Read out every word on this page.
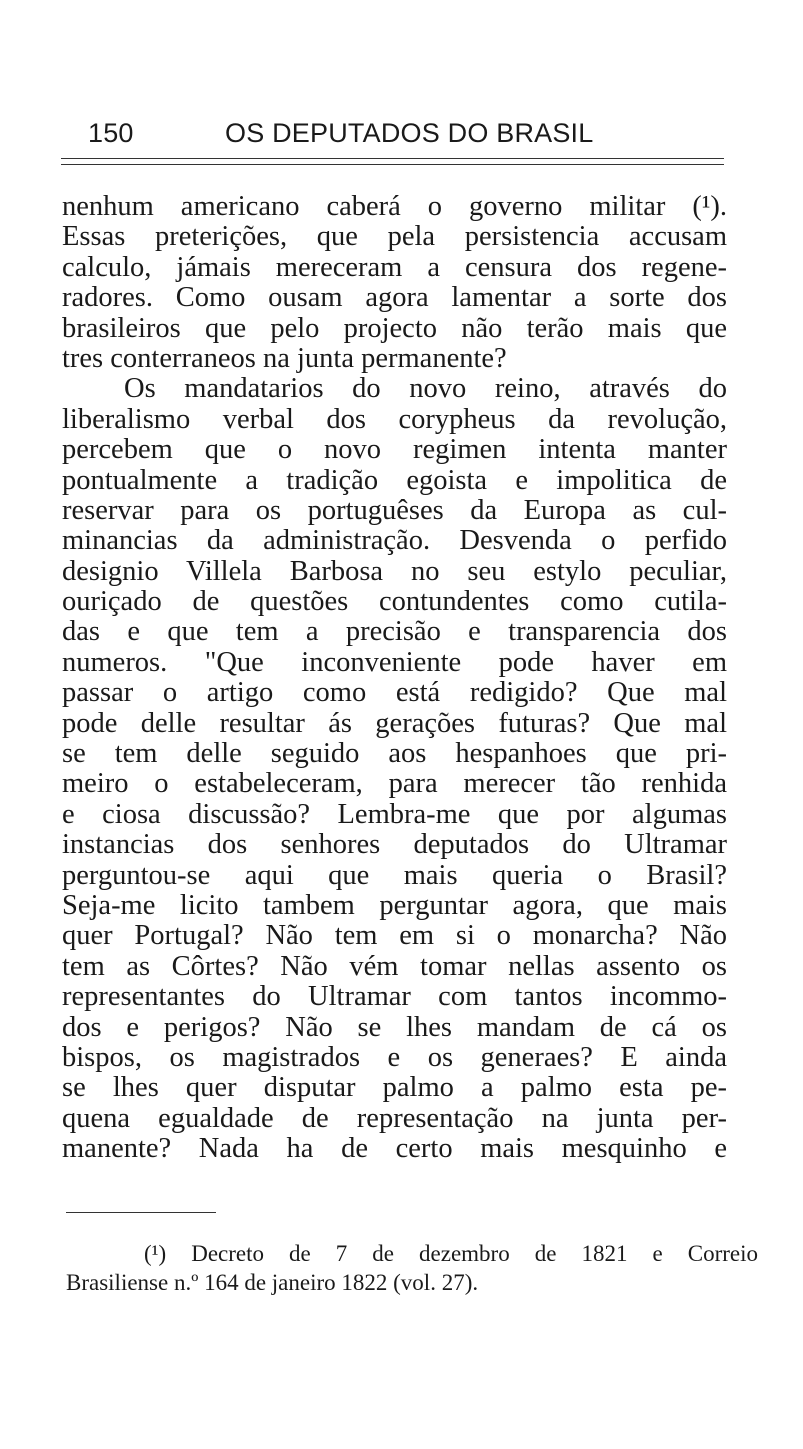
150	OS DEPUTADOS DO BRASIL
nenhum americano caberá o governo militar (¹).
Essas preterições, que pela persistencia accusam
calculo, jámais mereceram a censura dos regene-
radores. Como ousam agora lamentar a sorte dos
brasileiros que pelo projecto não terão mais que
tres conterraneos na junta permanente?
Os mandatarios do novo reino, através do
liberalismo verbal dos corypheus da revolução,
percebem que o novo regimen intenta manter
pontualmente a tradição egoista e impolitica de
reservar para os portuguêses da Europa as cul-
minancias da administração. Desvenda o perfido
designio Villela Barbosa no seu estylo peculiar,
ouriçado de questões contundentes como cutila-
das e que tem a precisão e transparencia dos
numeros. "Que inconveniente pode haver em
passar o artigo como está redigido? Que mal
pode delle resultar ás gerações futuras? Que mal
se tem delle seguido aos hespanhoes que pri-
meiro o estabeleceram, para merecer tão renhida
e ciosa discussão? Lembra-me que por algumas
instancias dos senhores deputados do Ultramar
perguntou-se aqui que mais queria o Brasil?
Seja-me licito tambem perguntar agora, que mais
quer Portugal? Não tem em si o monarcha? Não
tem as Côrtes? Não vém tomar nellas assento os
representantes do Ultramar com tantos incommo-
dos e perigos? Não se lhes mandam de cá os
bispos, os magistrados e os generaes? E ainda
se lhes quer disputar palmo a palmo esta pe-
quena egualdade de representação na junta per-
manente? Nada ha de certo mais mesquinho e
(¹) Decreto de 7 de dezembro de 1821 e Correio
Brasiliense n.º 164 de janeiro 1822 (vol. 27).
